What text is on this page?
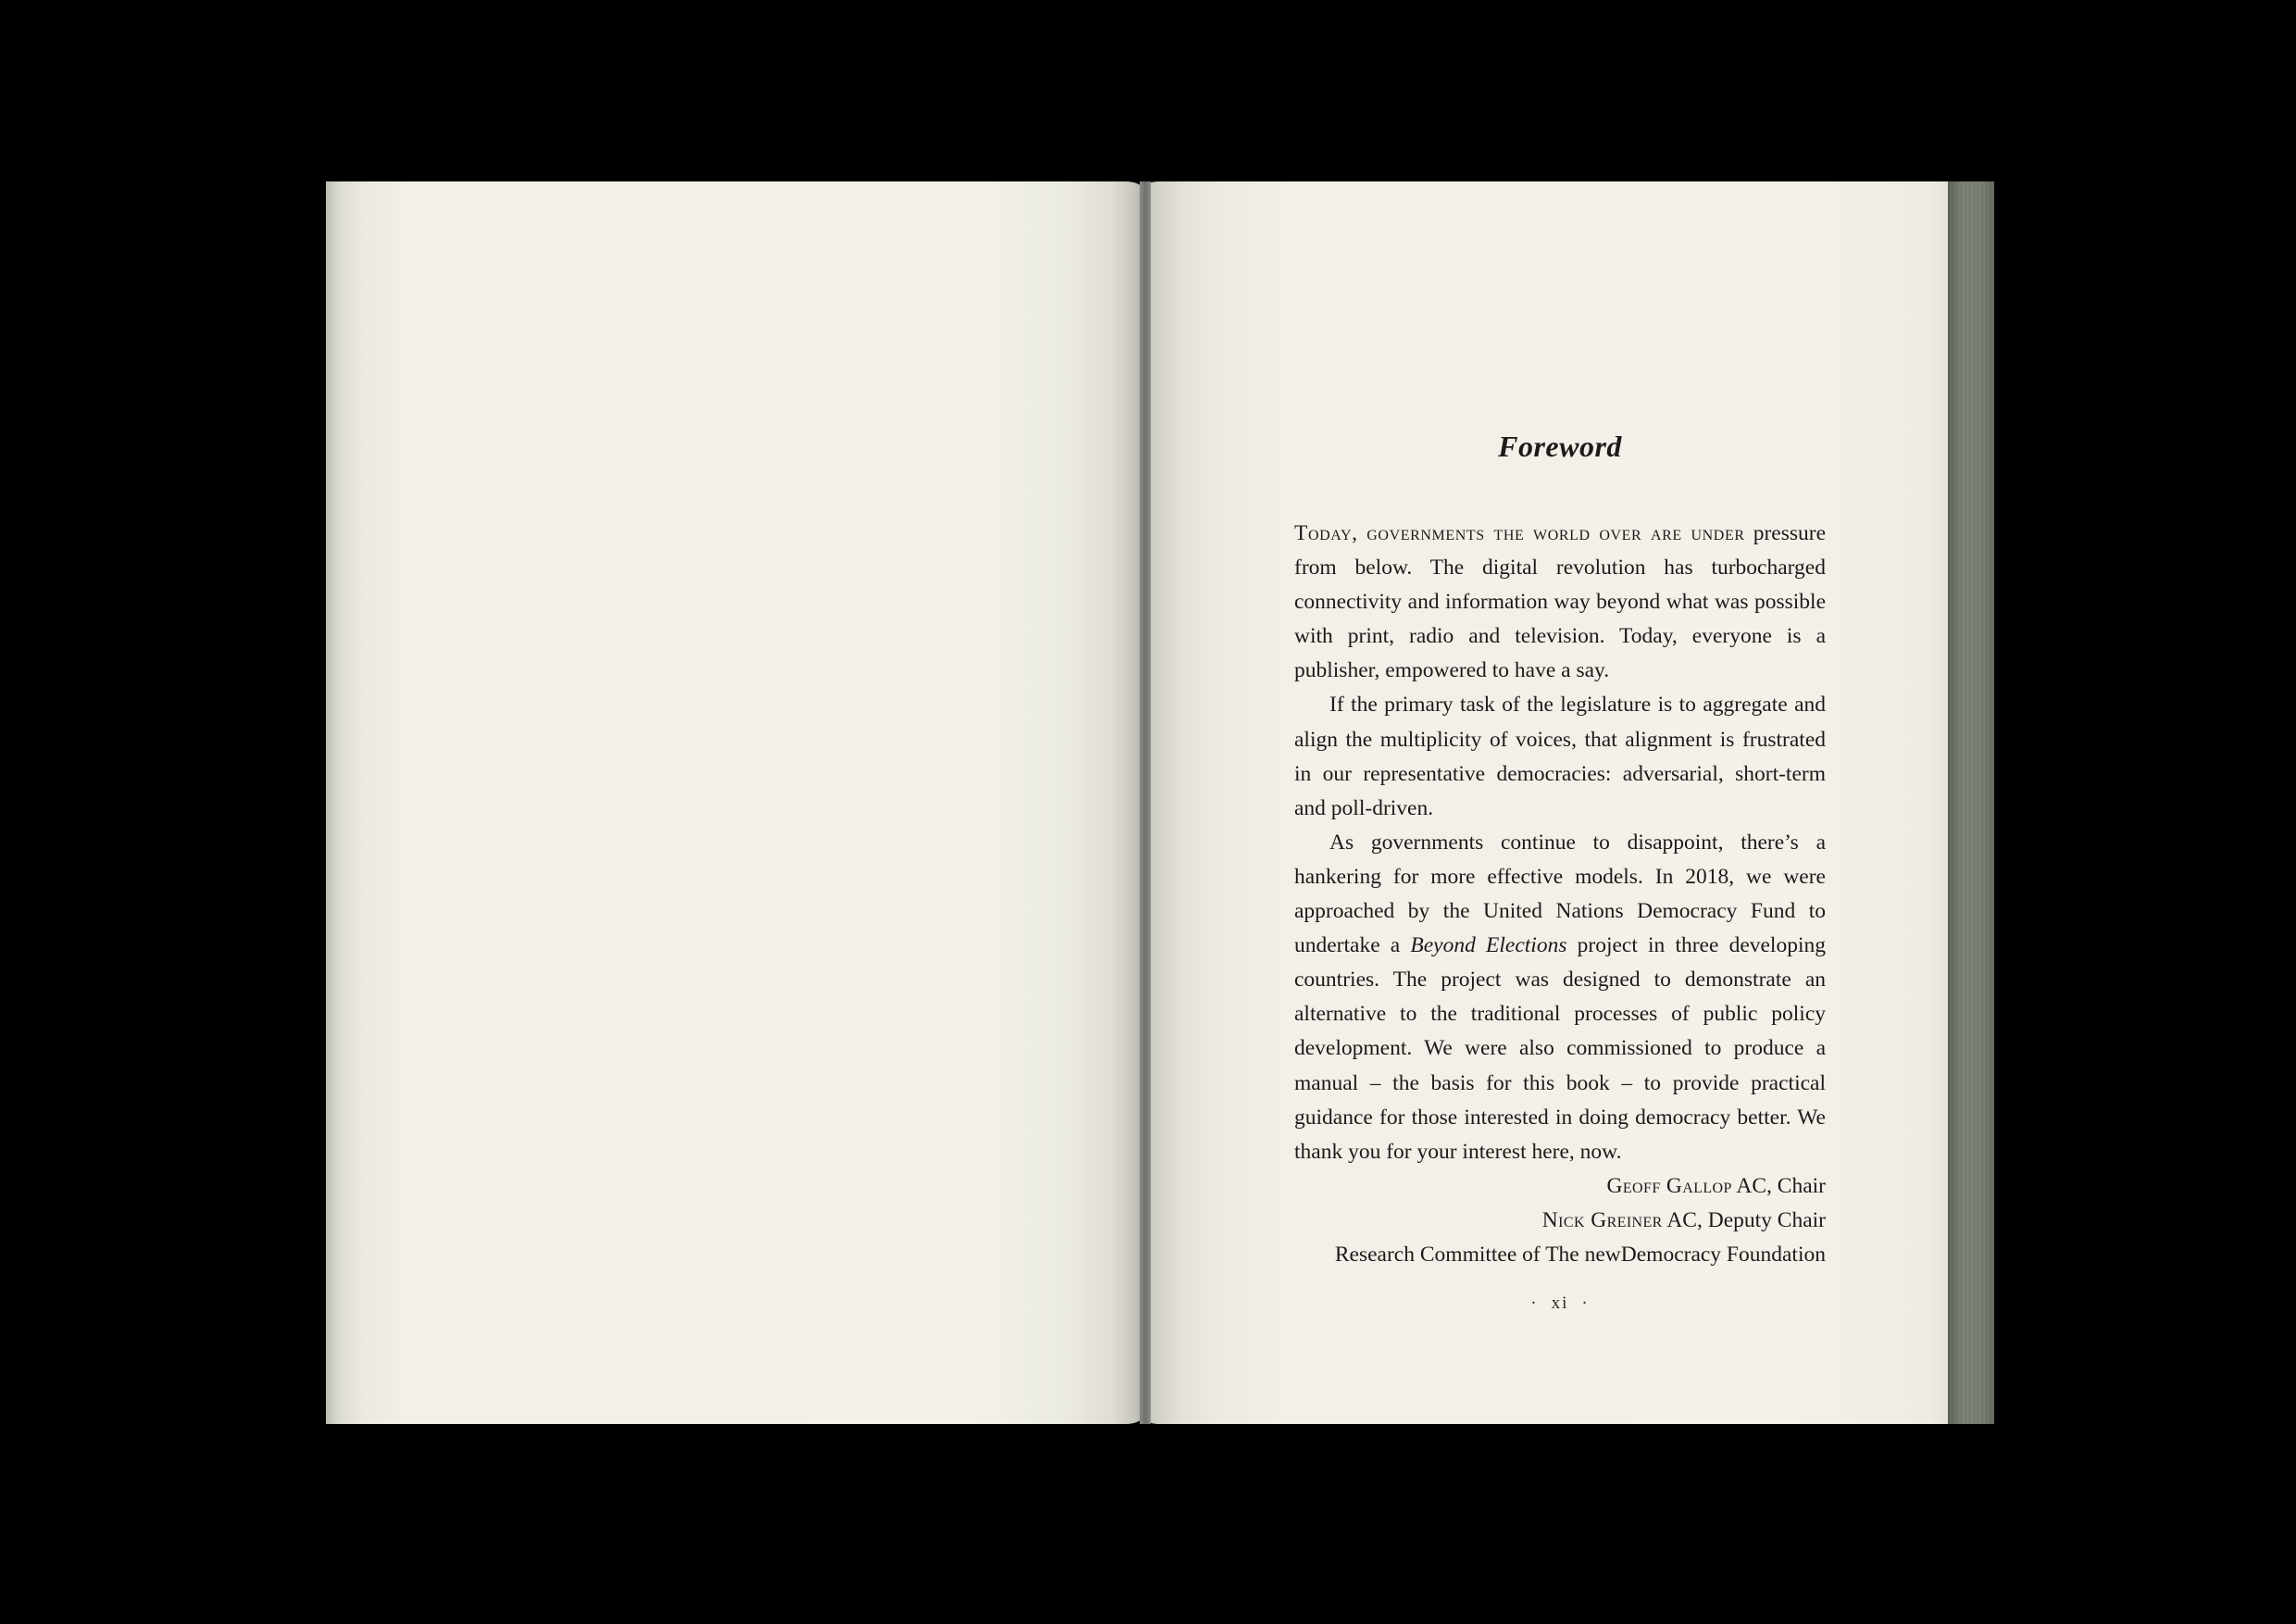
Foreword

Today, governments the world over are under pressure from below. The digital revolution has turbocharged connectivity and information way beyond what was possible with print, radio and television. Today, everyone is a publisher, empowered to have a say.

If the primary task of the legislature is to aggregate and align the multiplicity of voices, that alignment is frustrated in our representative democracies: adversarial, short-term and poll-driven.

As governments continue to disappoint, there’s a hankering for more effective models. In 2018, we were approached by the United Nations Democracy Fund to undertake a Beyond Elections project in three developing countries. The project was designed to demonstrate an alternative to the traditional processes of public policy development. We were also commissioned to produce a manual – the basis for this book – to provide practical guidance for those interested in doing democracy better. We thank you for your interest here, now.

Geoff Gallop AC, Chair

Nick Greiner AC, Deputy Chair

Research Committee of The newDemocracy Foundation

· xi ·
